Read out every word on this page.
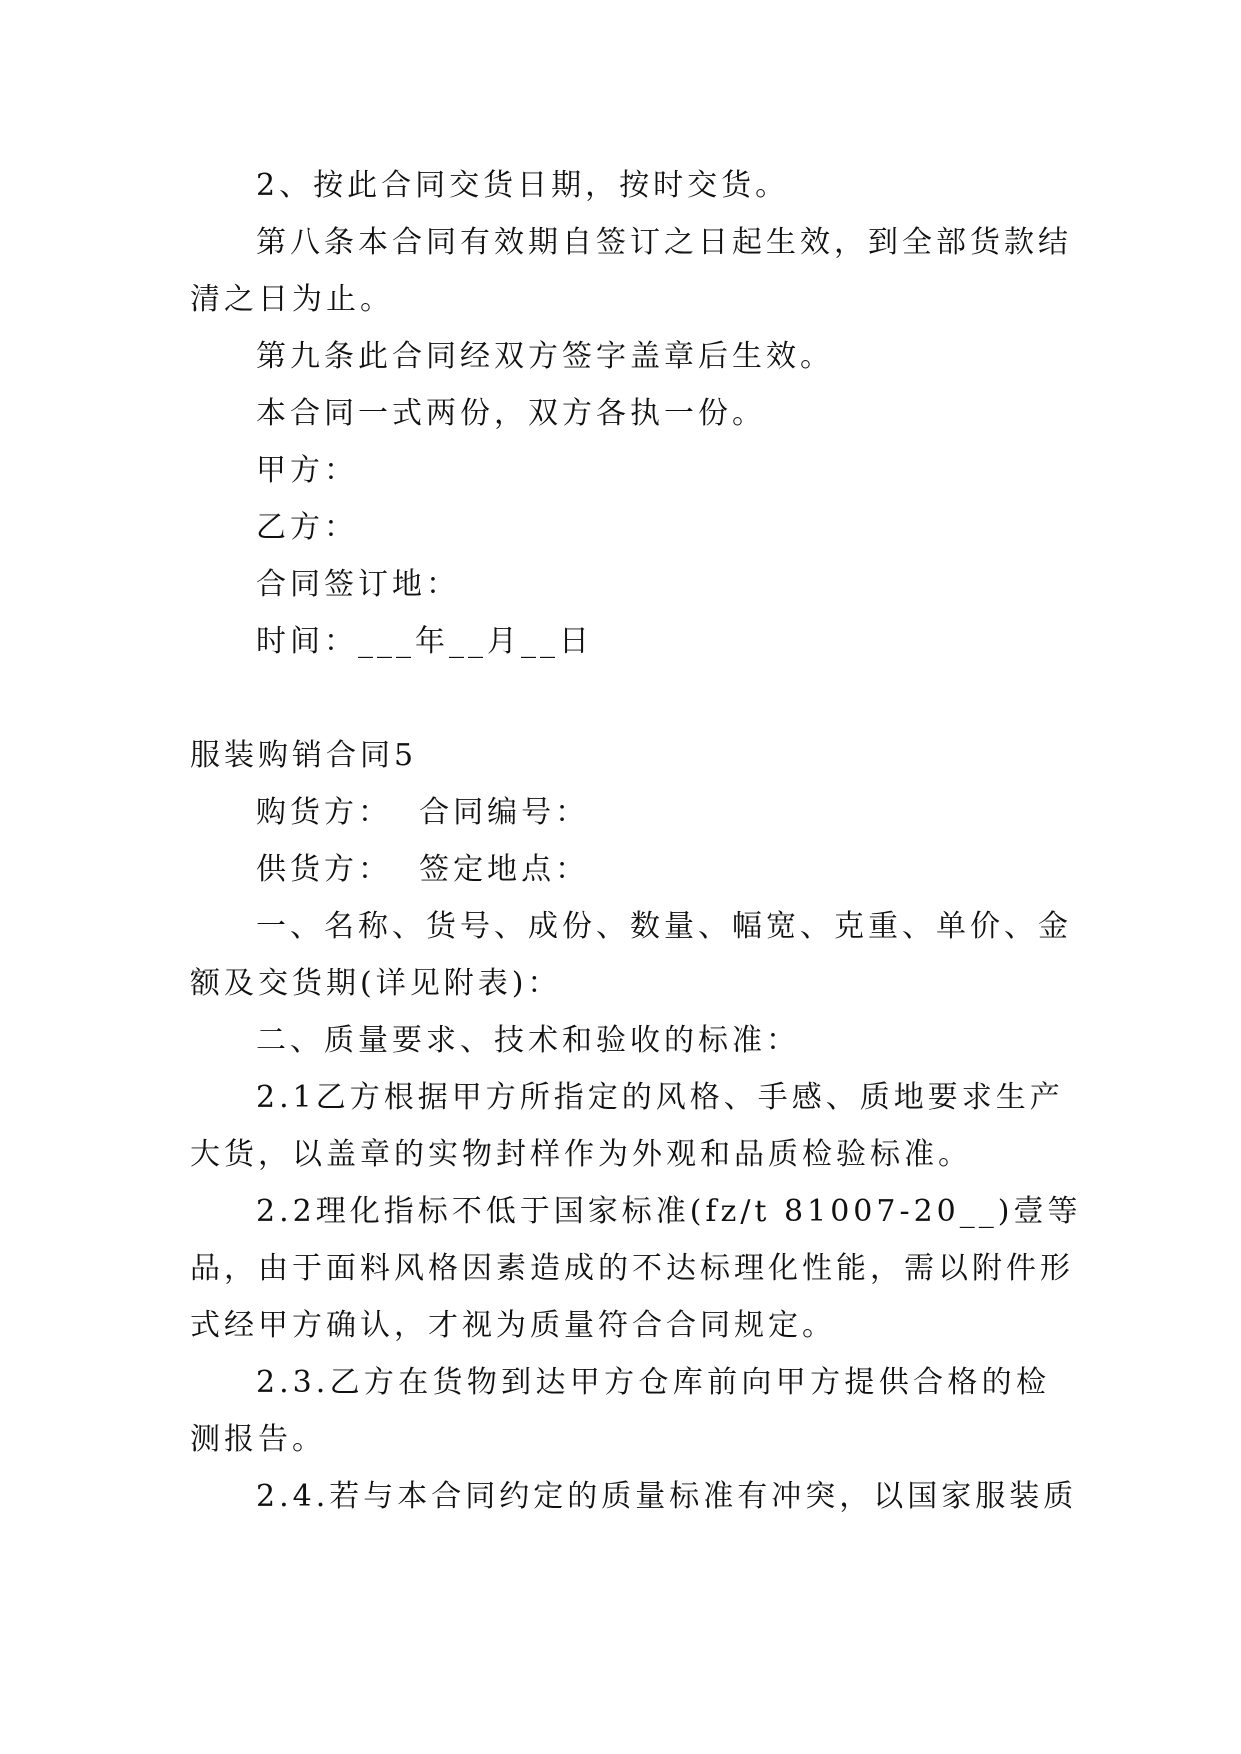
2、按此合同交货日期，按时交货。
第八条本合同有效期自签订之日起生效，到全部货款结
清之日为止。
第九条此合同经双方签字盖章后生效。
本合同一式两份，双方各执一份。
甲方：
乙方：
合同签订地：
时间：___年__月__日
服装购销合同5
购货方：  合同编号：
供货方：  签定地点：
一、名称、货号、成份、数量、幅宽、克重、单价、金
额及交货期(详见附表)：
二、质量要求、技术和验收的标准：
2.1乙方根据甲方所指定的风格、手感、质地要求生产
大货，以盖章的实物封样作为外观和品质检验标准。
2.2理化指标不低于国家标准(fz/t 81007-20__)壹等
品，由于面料风格因素造成的不达标理化性能，需以附件形
式经甲方确认，才视为质量符合合同规定。
2.3.乙方在货物到达甲方仓库前向甲方提供合格的检
测报告。
2.4.若与本合同约定的质量标准有冲突，以国家服装质
